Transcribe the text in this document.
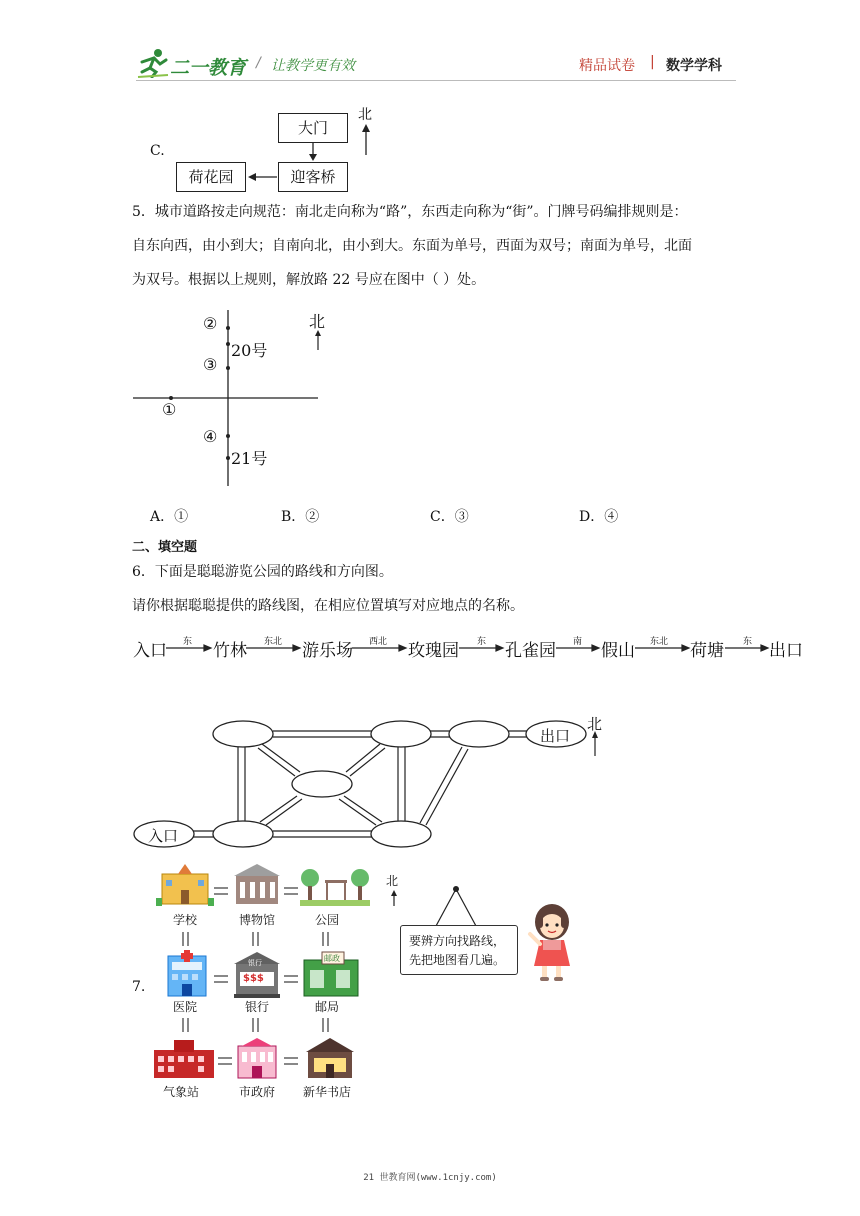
二一教育 / 让教学更有效	精品试卷 | 数学学科
C.
大门
迎客桥
荷花园
北
5．城市道路按走向规范：南北走向称为“路”，东西走向称为“街”。门牌号码编排规则是：
自东向西，由小到大；自南向北，由小到大。东面为单号，西面为双号；南面为单号，北面
为双号。根据以上规则，解放路 22 号应在图中（ ）处。
②
20号
③
①
④
21号
北
A．①	B．②	C．③	D．④
二、填空题
6．下面是聪聪游览公园的路线和方向图。
请你根据聪聪提供的路线图，在相应位置填写对应地点的名称。
入口 东 竹林 东北 游乐场 西北 玫瑰园 东 孔雀园 南 假山 东北 荷塘 东 出口
出口
入口
北
7.
银行
$$$
邮政
学校	博物馆	公园
医院	银行	邮局
气象站	市政府	新华书店
北
要辨方向找路线，
先把地图看几遍。
21 世教育网(www.1cnjy.com)
